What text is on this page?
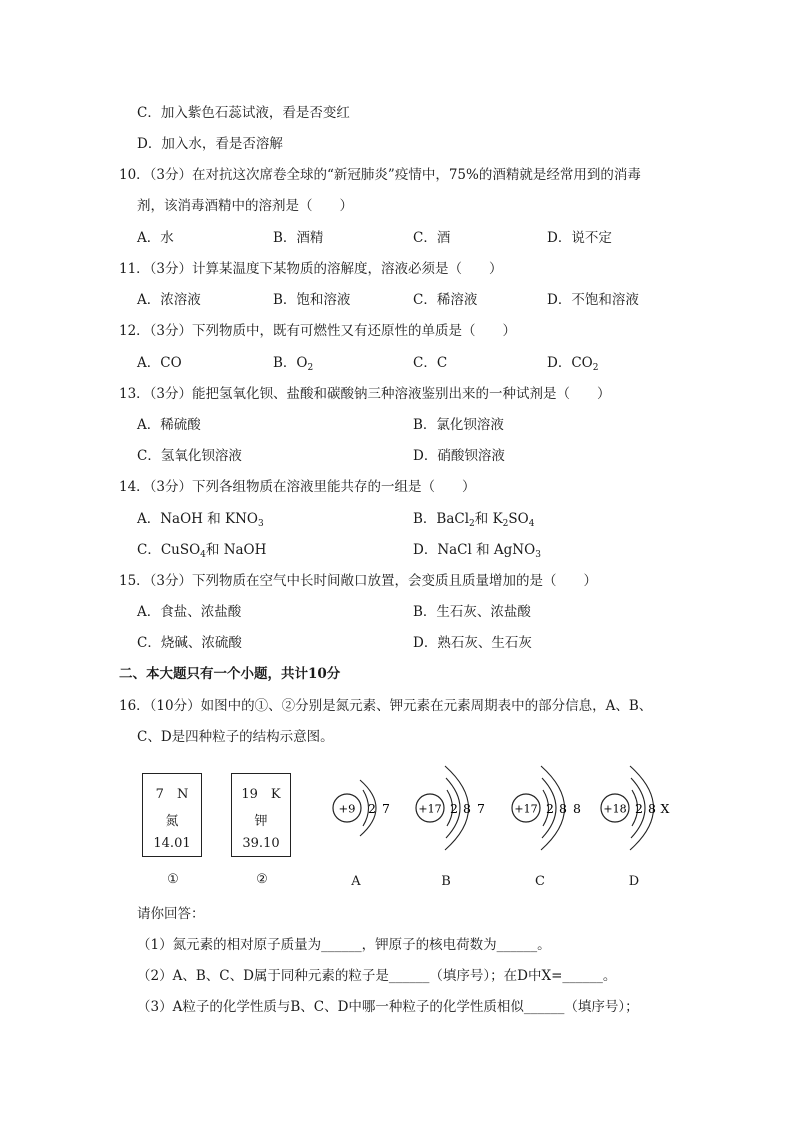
C．加入紫色石蕊试液，看是否变红
D．加入水，看是否溶解
10．（3分）在对抗这次席卷全球的“新冠肺炎”疫情中，75%的酒精就是经常用到的消毒
剂，该消毒酒精中的溶剂是（　　）
A．水	B．酒精	C．酒	D．说不定
11．（3分）计算某温度下某物质的溶解度，溶液必须是（　　）
A．浓溶液	B．饱和溶液	C．稀溶液	D．不饱和溶液
12．（3分）下列物质中，既有可燃性又有还原性的单质是（　　）
A．CO	B．$O_2$	C．C	D．$CO_2$
13．（3分）能把氢氧化钡、盐酸和碳酸钠三种溶液鉴别出来的一种试剂是（　　）
A．稀硫酸	B．氯化钡溶液
C．氢氧化钡溶液	D．硝酸钡溶液
14．（3分）下列各组物质在溶液里能共存的一组是（　　）
A．NaOH 和 $KNO_3$	B．BaCl$_2$和 $K_2SO_4$
C．CuSO$_4$和 NaOH	D．NaCl 和 AgNO$_3$
15．（3分）下列物质在空气中长时间敞口放置，会变质且质量增加的是（　　）
A．食盐、浓盐酸	B．生石灰、浓盐酸
C．烧碱、浓硫酸	D．熟石灰、生石灰
二、本大题只有一个小题，共计10分
16．（10分）如图中的①、②分别是氮元素、钾元素在元素周期表中的部分信息，A、B、
C、D是四种粒子的结构示意图。
7　N
氮
14.01
19　K
钾
39.10
①	②
+9 2 7	+17 2 8 7	+17 2 8 8 +18 2 8 X
A	B	C	D
请你回答：
（1）氮元素的相对原子质量为______，钾原子的核电荷数为______。
（2）A、B、C、D属于同种元素的粒子是______（填序号）；在D中X=______。
（3）A粒子的化学性质与B、C、D中哪一种粒子的化学性质相似______（填序号）；
